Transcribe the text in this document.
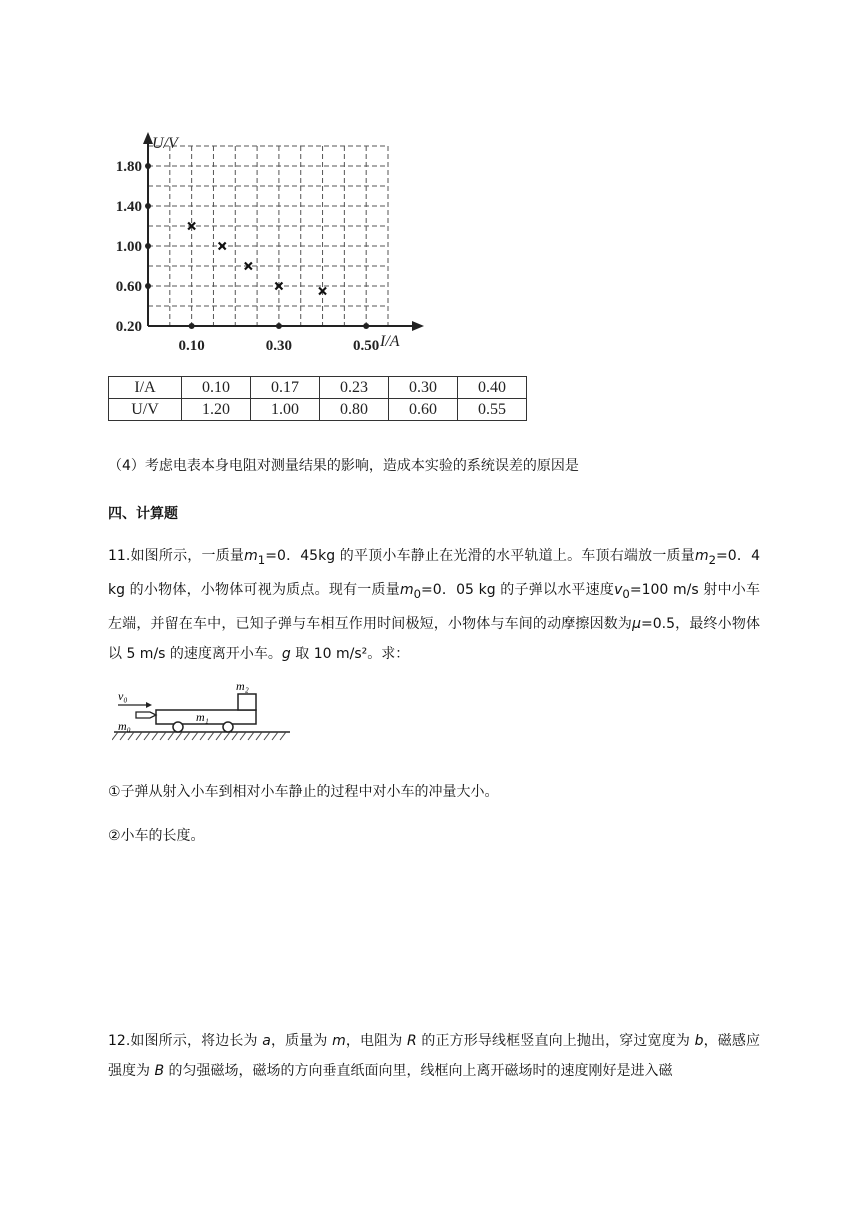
0.10	0.30	0.50
1.80
1.40
1.00
0.60
0.20
U/V
I/A
I/A	0.10	0.17	0.23	0.30	0.40
U/V	1.20	1.00	0.80	0.60	0.55
（4）考虑电表本身电阻对测量结果的影响，造成本实验的系统误差的原因是
四、计算题
11.如图所示，一质量$m_1=0$．45kg 的平顶小车静止在光滑的水平轨道上。车顶右端放一质量$m_2=0$．4 kg 的小物体，小物体可视为质点。现有一质量$m_0=0$．05 kg 的子弹以水平速度$v_0=100$ m/s 射中小车左端，并留在车中，已知子弹与车相互作用时间极短，小物体与车间的动摩擦因数为μ=0.5，最终小物体以 5 m/s 的速度离开小车。g 取 10 m/s²。求：
v₀
m₂
m₁
m₀
①子弹从射入小车到相对小车静止的过程中对小车的冲量大小。
②小车的长度。
12.如图所示，将边长为 a，质量为 m，电阻为 R 的正方形导线框竖直向上抛出，穿过宽度为 b，磁感应强度为 B 的匀强磁场，磁场的方向垂直纸面向里，线框向上离开磁场时的速度刚好是进入磁
